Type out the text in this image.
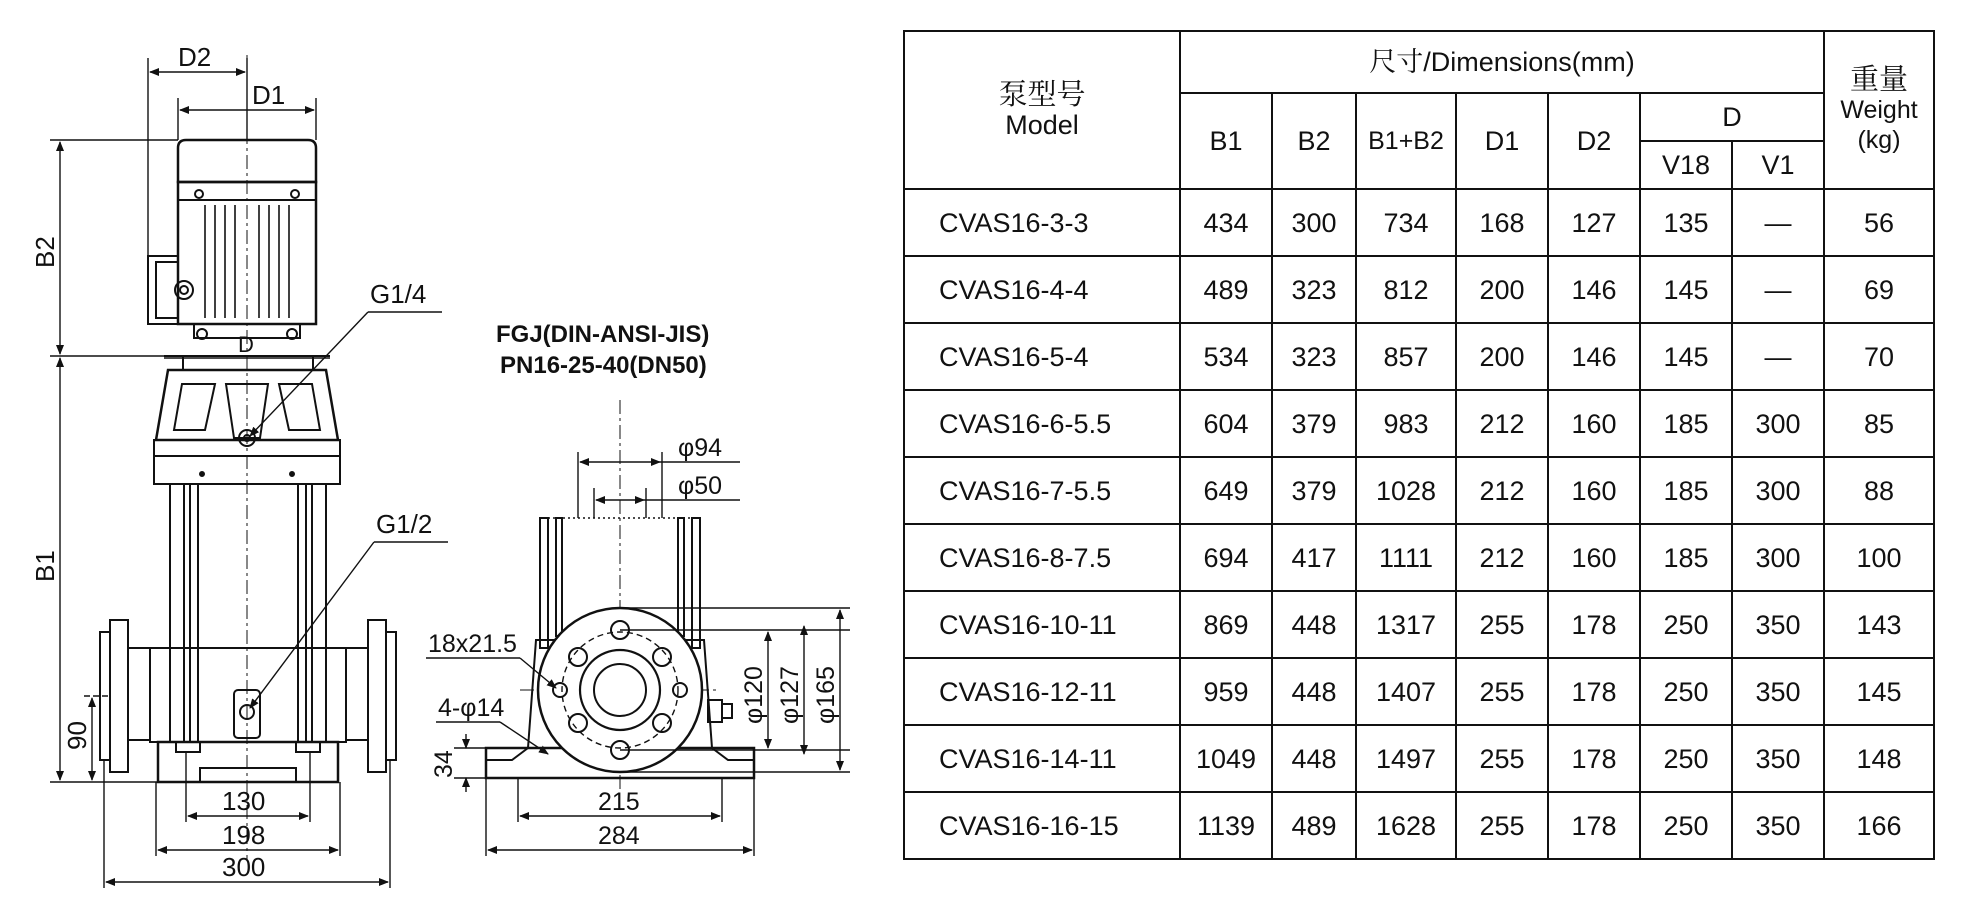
D2
D1
B2
B1
90
D
G1/4
G1/2
130
198
300
FGJ(DIN-ANSI-JIS)
PN16-25-40(DN50)
φ94
φ50
18x21.5
4-φ14
34
215
284
φ120 φ127 φ165
泵型号
Model	尺寸/Dimensions(mm)							重量
Weight
(kg)

	B1	B2	B1+B2	D1	D2	D		
						V18	V1	
CVAS16-3-3	434	300	734	168	127	135	—	56
CVAS16-4-4	489	323	812	200	146	145	—	69
CVAS16-5-4	534	323	857	200	146	145	—	70
CVAS16-6-5.5	604	379	983	212	160	185	300	85
CVAS16-7-5.5	649	379	1028	212	160	185	300	88
CVAS16-8-7.5	694	417	1111	212	160	185	300	100
CVAS16-10-11	869	448	1317	255	178	250	350	143
CVAS16-12-11	959	448	1407	255	178	250	350	145
CVAS16-14-11	1049	448	1497	255	178	250	350	148
CVAS16-16-15	1139	489	1628	255	178	250	350	166
